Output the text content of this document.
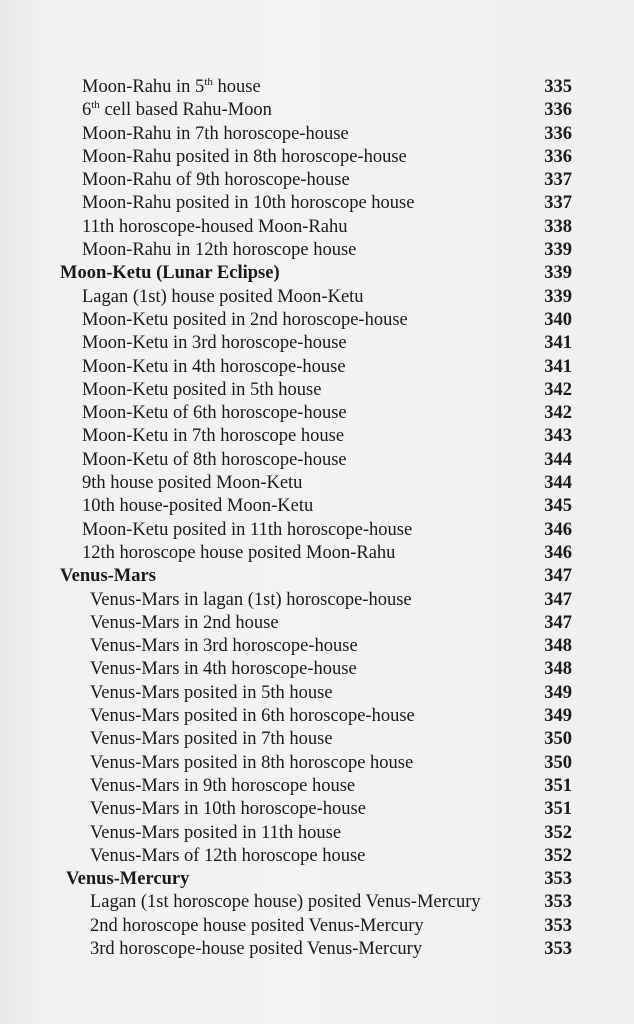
Moon-Rahu in 5th house	335
6th cell based Rahu-Moon	336
Moon-Rahu in 7th horoscope-house	336
Moon-Rahu posited in 8th horoscope-house	336
Moon-Rahu of 9th horoscope-house	337
Moon-Rahu posited in 10th horoscope house	337
11th horoscope-housed Moon-Rahu	338
Moon-Rahu in 12th horoscope house	339
Moon-Ketu (Lunar Eclipse)	339
Lagan (1st) house posited Moon-Ketu	339
Moon-Ketu posited in 2nd horoscope-house	340
Moon-Ketu in 3rd horoscope-house	341
Moon-Ketu in 4th horoscope-house	341
Moon-Ketu posited in 5th house	342
Moon-Ketu of 6th horoscope-house	342
Moon-Ketu in 7th horoscope house	343
Moon-Ketu of 8th horoscope-house	344
9th house posited Moon-Ketu	344
10th house-posited Moon-Ketu	345
Moon-Ketu posited in 11th horoscope-house	346
12th horoscope house posited Moon-Rahu	346
Venus-Mars	347
Venus-Mars in lagan (1st) horoscope-house	347
Venus-Mars in 2nd house	347
Venus-Mars in 3rd horoscope-house	348
Venus-Mars in 4th horoscope-house	348
Venus-Mars posited in 5th house	349
Venus-Mars posited in 6th horoscope-house	349
Venus-Mars posited in 7th house	350
Venus-Mars posited in 8th horoscope house	350
Venus-Mars in 9th horoscope house	351
Venus-Mars in 10th horoscope-house	351
Venus-Mars posited in 11th house	352
Venus-Mars of 12th horoscope house	352
Venus-Mercury	353
Lagan (1st horoscope house) posited Venus-Mercury	353
2nd horoscope house posited Venus-Mercury	353
3rd horoscope-house posited Venus-Mercury	353
